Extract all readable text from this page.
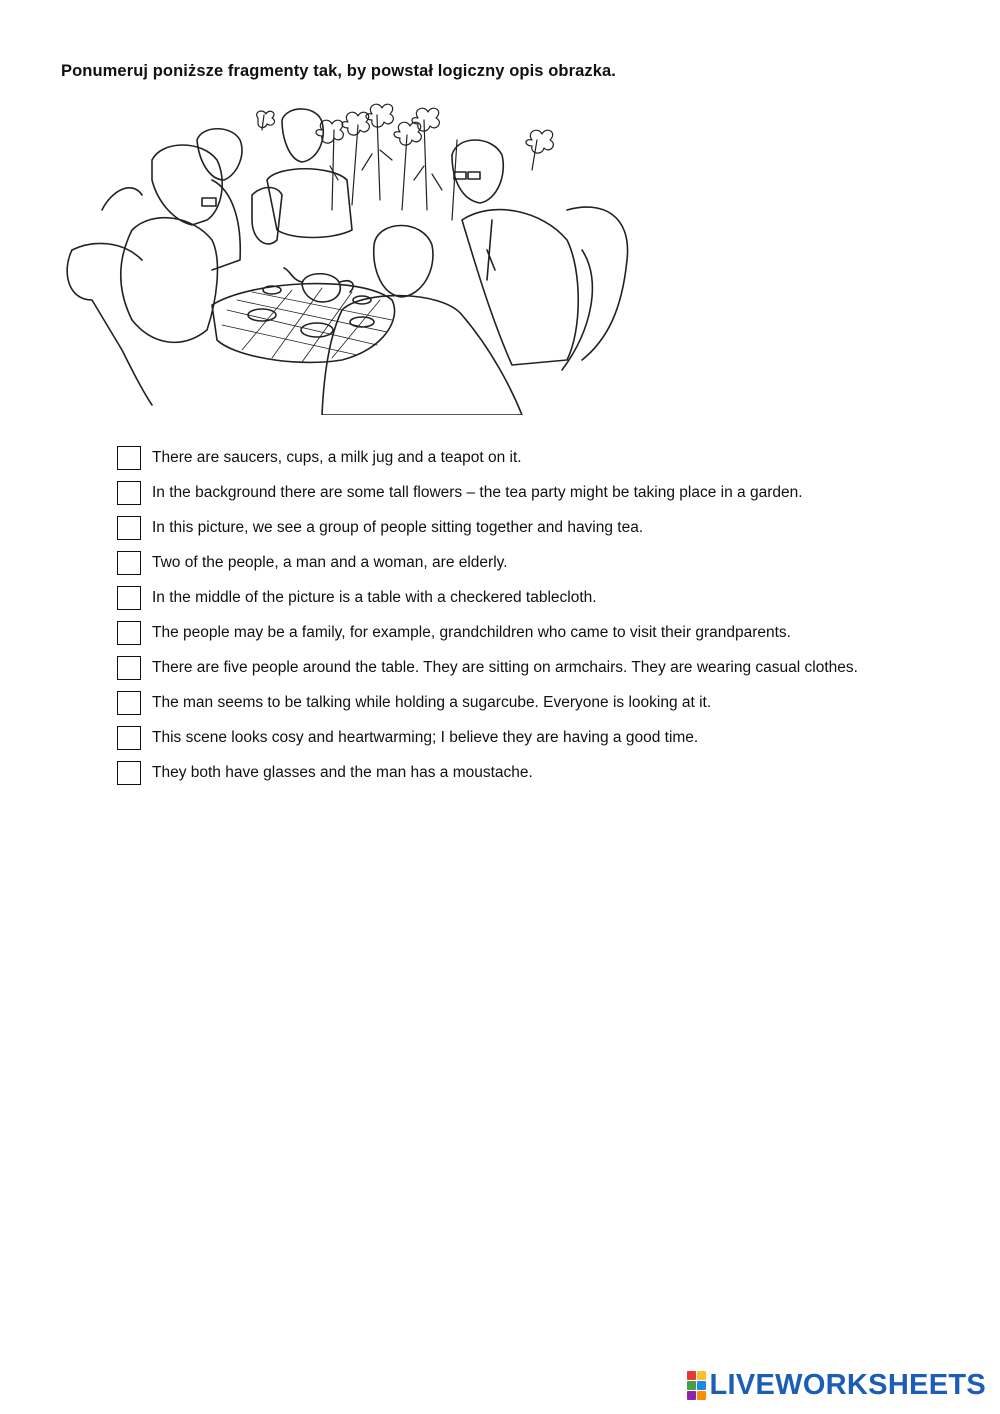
Ponumeruj poniższe fragmenty tak, by powstał logiczny opis obrazka.
There are saucers, cups, a milk jug and a teapot on it.
In the background there are some tall flowers – the tea party might be taking place in a garden.
In this picture, we see a group of people sitting together and having tea.
Two of the people, a man and a woman, are elderly.
In the middle of the picture is a table with a checkered tablecloth.
The people may be a family, for example, grandchildren who came to visit their grandparents.
There are five people around the table. They are sitting on armchairs. They are wearing casual clothes.
The man seems to be talking while holding a sugarcube. Everyone is looking at it.
This scene looks cosy and heartwarming; I believe they are having a good time.
They both have glasses and the man has a moustache.
LIVEWORKSHEETS
